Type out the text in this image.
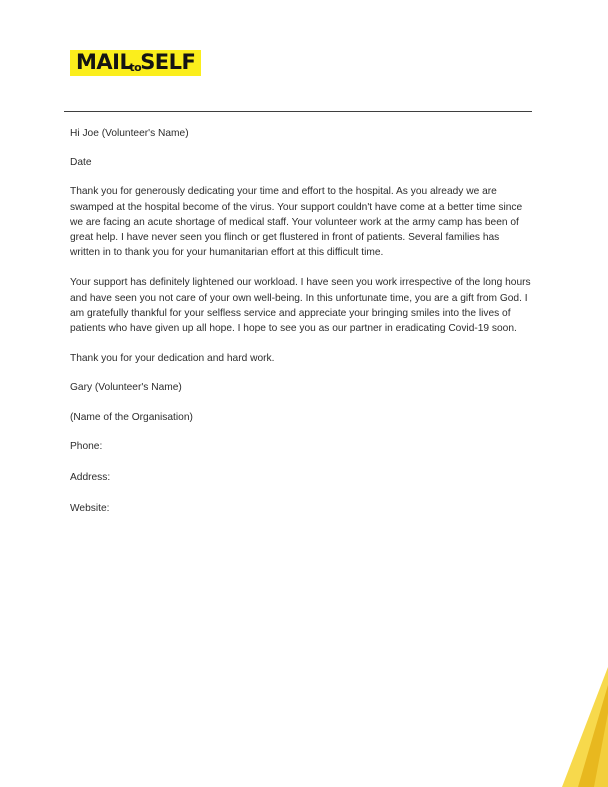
MAILtoSELF

Hi Joe (Volunteer's Name)

Date

Thank you for generously dedicating your time and effort to the hospital. As you already we are swamped at the hospital become of the virus. Your support couldn't have come at a better time since we are facing an acute shortage of medical staff. Your volunteer work at the army camp has been of great help. I have never seen you flinch or get flustered in front of patients. Several families has written in to thank you for your humanitarian effort at this difficult time.

Your support has definitely lightened our workload. I have seen you work irrespective of the long hours and have seen you not care of your own well-being. In this unfortunate time, you are a gift from God. I am gratefully thankful for your selfless service and appreciate your bringing smiles into the lives of patients who have given up all hope. I hope to see you as our partner in eradicating Covid-19 soon.

Thank you for your dedication and hard work.

Gary (Volunteer's Name)

(Name of the Organisation)

Phone:

Address:

Website:
